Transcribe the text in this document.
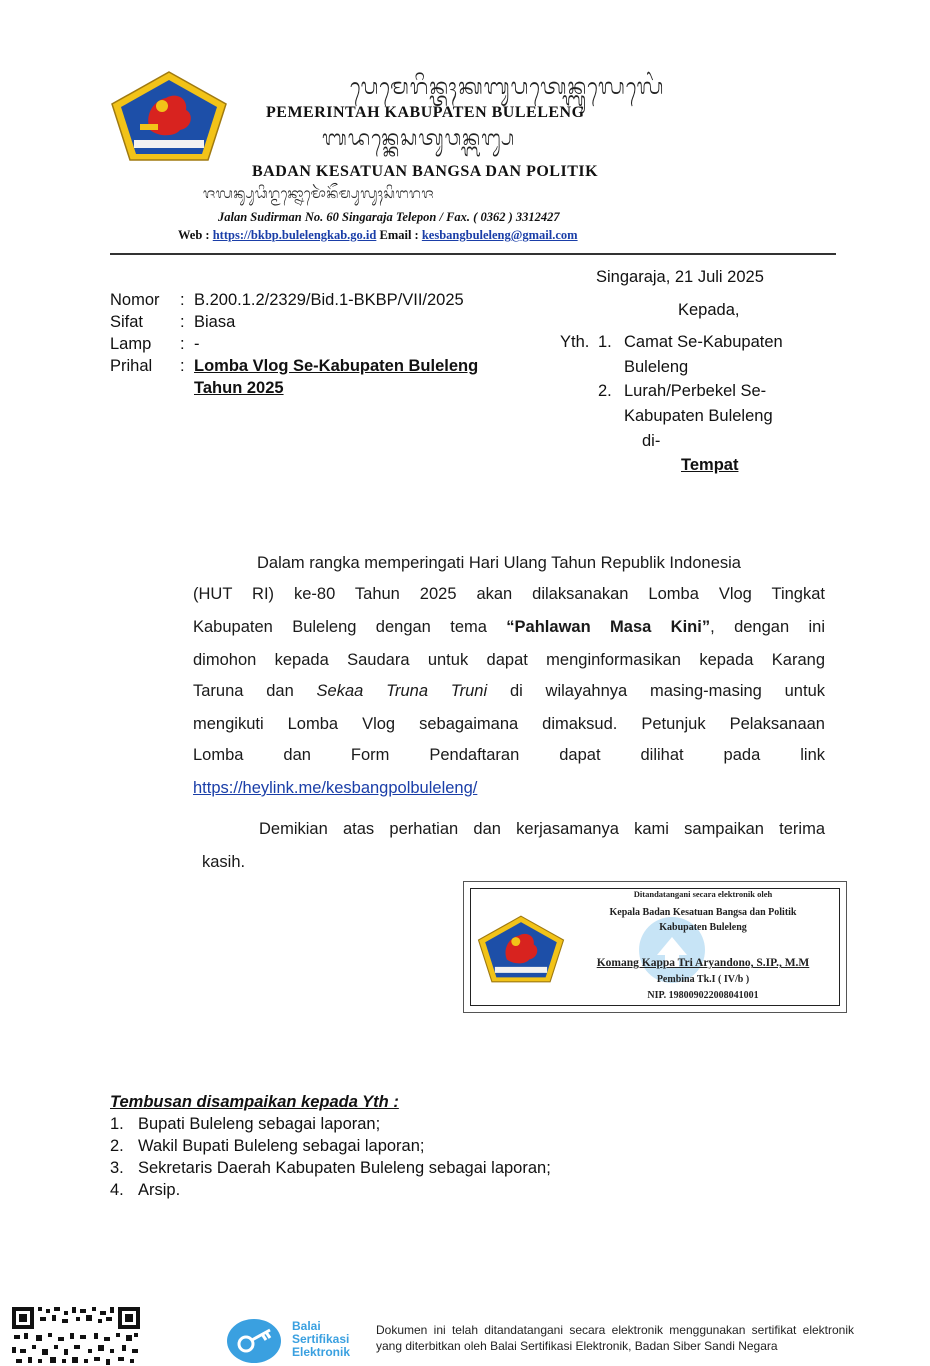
ᬧᬾᬫᬾᬭᬶᬦ᭄ᬢᬄᬓᬩᬸᬧᬢᬾᬦ᭄ᬩᬸᬮᬾᬮᬾᬂ
PEMERINTAH KABUPATEN BULELENG
ᬩᬤᬦ᭄ᬓᬾᬲᬢᬸᬯᬦ᭄ᬩᬗ᭄ᬲ
BADAN KESATUAN BANGSA DAN POLITIK
ᬚᬮᬦ᭄ᬲᬸᬥᬶᬭ᭄ᬫᬦ᭄ᬦᭀᬫᭀᬃᬦᭂᬫ᭄ᬧᬸᬮᬸᬄᬲᬶᬗᬭᬚ
Jalan Sudirman No. 60 Singaraja Telepon / Fax. ( 0362 ) 3312427
Web : https://bkbp.bulelengkab.go.id Email : kesbangbuleleng@gmail.com
Singaraja, 21 Juli 2025
Nomor : B.200.1.2/2329/Bid.1-BKBP/VII/2025
Sifat : Biasa
Lamp : -
Prihal : Lomba Vlog Se-Kabupaten Buleleng
Tahun 2025
Kepada,
Yth. 1. Camat Se-Kabupaten
Buleleng
2. Lurah/Perbekel Se-
Kabupaten Buleleng
di-
Tempat
Dalam rangka memperingati Hari Ulang Tahun Republik Indonesia
(HUT RI) ke-80 Tahun 2025 akan dilaksanakan Lomba Vlog Tingkat
Kabupaten Buleleng dengan tema “Pahlawan Masa Kini”, dengan ini
dimohon kepada Saudara untuk dapat menginformasikan kepada Karang
Taruna dan Sekaa Truna Truni di wilayahnya masing-masing untuk
mengikuti Lomba Vlog sebagaimana dimaksud. Petunjuk Pelaksanaan
Lomba dan Form Pendaftaran dapat dilihat pada link
https://heylink.me/kesbangpolbuleleng/
Demikian atas perhatian dan kerjasamanya kami sampaikan terima
kasih.
Ditandatangani secara elektronik oleh
Kepala Badan Kesatuan Bangsa dan Politik
Kabupaten Buleleng
Komang Kappa Tri Aryandono, S.IP., M.M
Pembina Tk.I ( IV/b )
NIP. 198009022008041001
Tembusan disampaikan kepada Yth :
1. Bupati Buleleng sebagai laporan;
2. Wakil Bupati Buleleng sebagai laporan;
3. Sekretaris Daerah Kabupaten Buleleng sebagai laporan;
4. Arsip.
Balai
Sertifikasi
Elektronik
Dokumen ini telah ditandatangani secara elektronik menggunakan sertifikat elektronik yang diterbitkan oleh Balai Sertifikasi Elektronik, Badan Siber Sandi Negara
